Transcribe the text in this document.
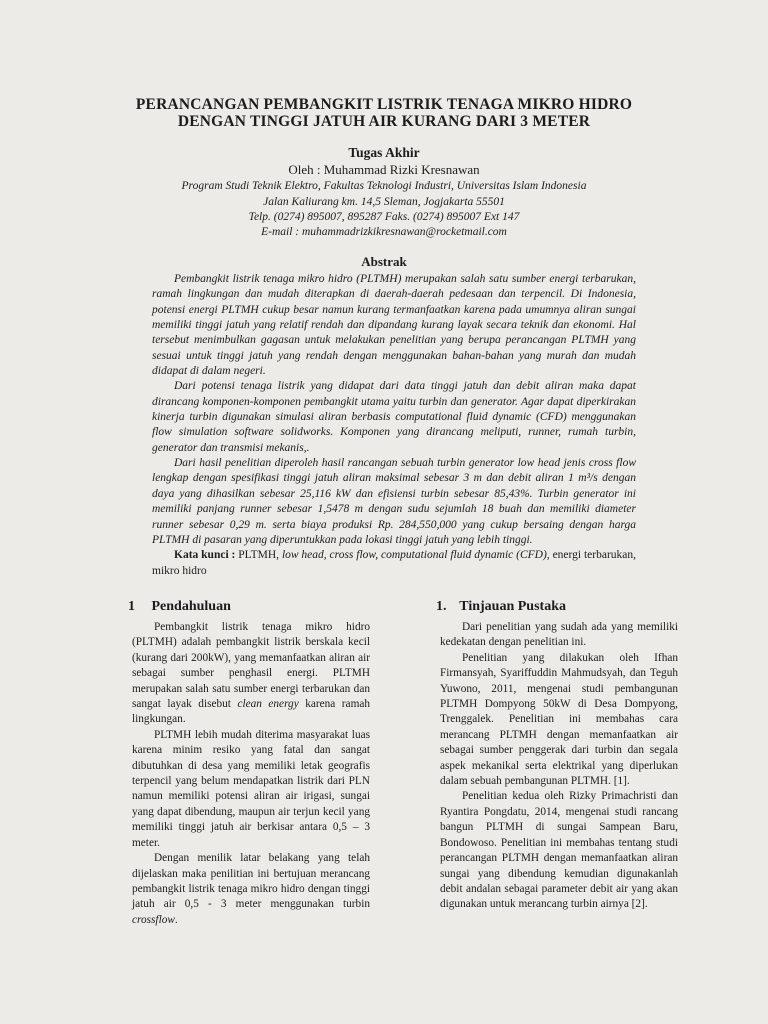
PERANCANGAN PEMBANGKIT LISTRIK TENAGA MIKRO HIDRO
DENGAN TINGGI JATUH AIR KURANG DARI 3 METER
Tugas Akhir
Oleh : Muhammad Rizki Kresnawan
Program Studi Teknik Elektro, Fakultas Teknologi Industri, Universitas Islam Indonesia
Jalan Kaliurang km. 14,5 Sleman, Jogjakarta 55501
Telp. (0274) 895007, 895287 Faks. (0274) 895007 Ext 147
E-mail : muhammadrizkikresnawan@rocketmail.com
Abstrak

Pembangkit listrik tenaga mikro hidro (PLTMH) merupakan salah satu sumber energi terbarukan, ramah lingkungan dan mudah diterapkan di daerah-daerah pedesaan dan terpencil. Di Indonesia, potensi energi PLTMH cukup besar namun kurang termanfaatkan karena pada umumnya aliran sungai memiliki tinggi jatuh yang relatif rendah dan dipandang kurang layak secara teknik dan ekonomi. Hal tersebut menimbulkan gagasan untuk melakukan penelitian yang berupa perancangan PLTMH yang sesuai untuk tinggi jatuh yang rendah dengan menggunakan bahan-bahan yang murah dan mudah didapat di dalam negeri.

Dari potensi tenaga listrik yang didapat dari data tinggi jatuh dan debit aliran maka dapat dirancang komponen-komponen pembangkit utama yaitu turbin dan generator. Agar dapat diperkirakan kinerja turbin digunakan simulasi aliran berbasis computational fluid dynamic (CFD) menggunakan flow simulation software solidworks. Komponen yang dirancang meliputi, runner, rumah turbin, generator dan transmisi mekanis,.

Dari hasil penelitian diperoleh hasil rancangan sebuah turbin generator low head jenis cross flow lengkap dengan spesifikasi tinggi jatuh aliran maksimal sebesar 3 m dan debit aliran 1 m³/s dengan daya yang dihasilkan sebesar 25,116 kW dan efisiensi turbin sebesar 85,43%. Turbin generator ini memiliki panjang runner sebesar 1,5478 m dengan sudu sejumlah 18 buah dan memiliki diameter runner sebesar 0,29 m. serta biaya produksi Rp. 284,550,000 yang cukup bersaing dengan harga PLTMH di pasaran yang diperuntukkan pada lokasi tinggi jatuh yang lebih tinggi.

Kata kunci : PLTMH, low head, cross flow, computational fluid dynamic (CFD), energi terbarukan, mikro hidro

1 Pendahuluan

Pembangkit listrik tenaga mikro hidro (PLTMH) adalah pembangkit listrik berskala kecil (kurang dari 200kW), yang memanfaatkan aliran air sebagai sumber penghasil energi. PLTMH merupakan salah satu sumber energi terbarukan dan sangat layak disebut clean energy karena ramah lingkungan.

PLTMH lebih mudah diterima masyarakat luas karena minim resiko yang fatal dan sangat dibutuhkan di desa yang memiliki letak geografis terpencil yang belum mendapatkan listrik dari PLN namun memiliki potensi aliran air irigasi, sungai yang dapat dibendung, maupun air terjun kecil yang memiliki tinggi jatuh air berkisar antara 0,5 – 3 meter.

Dengan menilik latar belakang yang telah dijelaskan maka penilitian ini bertujuan merancang pembangkit listrik tenaga mikro hidro dengan tinggi jatuh air 0,5 - 3 meter menggunakan turbin crossflow.

1. Tinjauan Pustaka

Dari penelitian yang sudah ada yang memiliki kedekatan dengan penelitian ini.

Penelitian yang dilakukan oleh Ifhan Firmansyah, Syariffuddin Mahmudsyah, dan Teguh Yuwono, 2011, mengenai studi pembangunan PLTMH Dompyong 50kW di Desa Dompyong, Trenggalek. Penelitian ini membahas cara merancang PLTMH dengan memanfaatkan air sebagai sumber penggerak dari turbin dan segala aspek mekanikal serta elektrikal yang diperlukan dalam sebuah pembangunan PLTMH. [1].

Penelitian kedua oleh Rizky Primachristi dan Ryantira Pongdatu, 2014, mengenai studi rancang bangun PLTMH di sungai Sampean Baru, Bondowoso. Penelitian ini membahas tentang studi perancangan PLTMH dengan memanfaatkan aliran sungai yang dibendung kemudian digunakanlah debit andalan sebagai parameter debit air yang akan digunakan untuk merancang turbin airnya [2].
